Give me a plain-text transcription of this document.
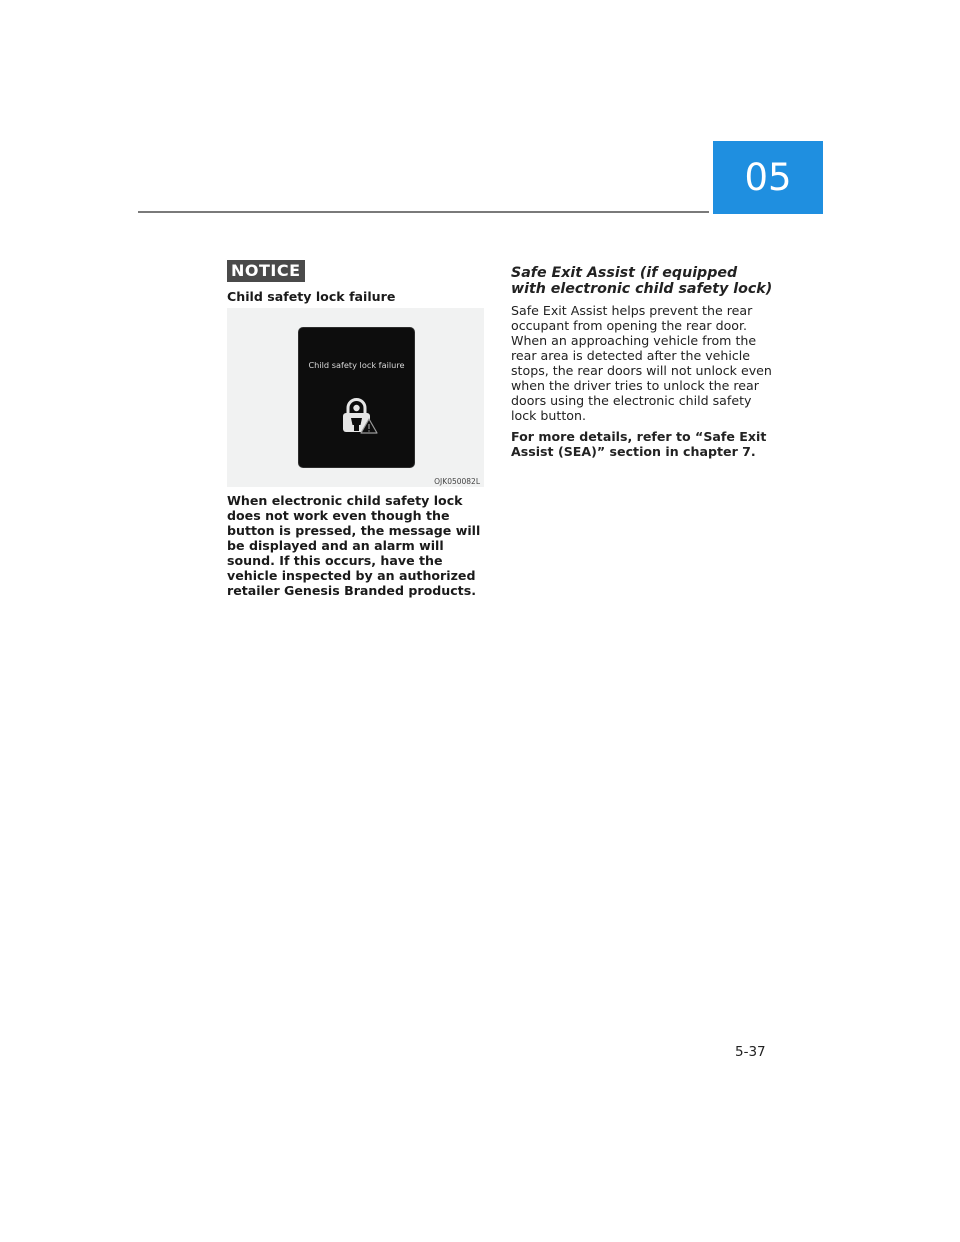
05
NOTICE
Child safety lock failure
Child safety lock failure
OJK050082L
When electronic child safety lock does not work even though the button is pressed, the message will be displayed and an alarm will sound. If this occurs, have the vehicle inspected by an authorized retailer Genesis Branded products.
Safe Exit Assist (if equipped with electronic child safety lock)
Safe Exit Assist helps prevent the rear occupant from opening the rear door. When an approaching vehicle from the rear area is detected after the vehicle stops, the rear doors will not unlock even when the driver tries to unlock the rear doors using the electronic child safety lock button.
For more details, refer to “Safe Exit Assist (SEA)” section in chapter 7.
5-37
